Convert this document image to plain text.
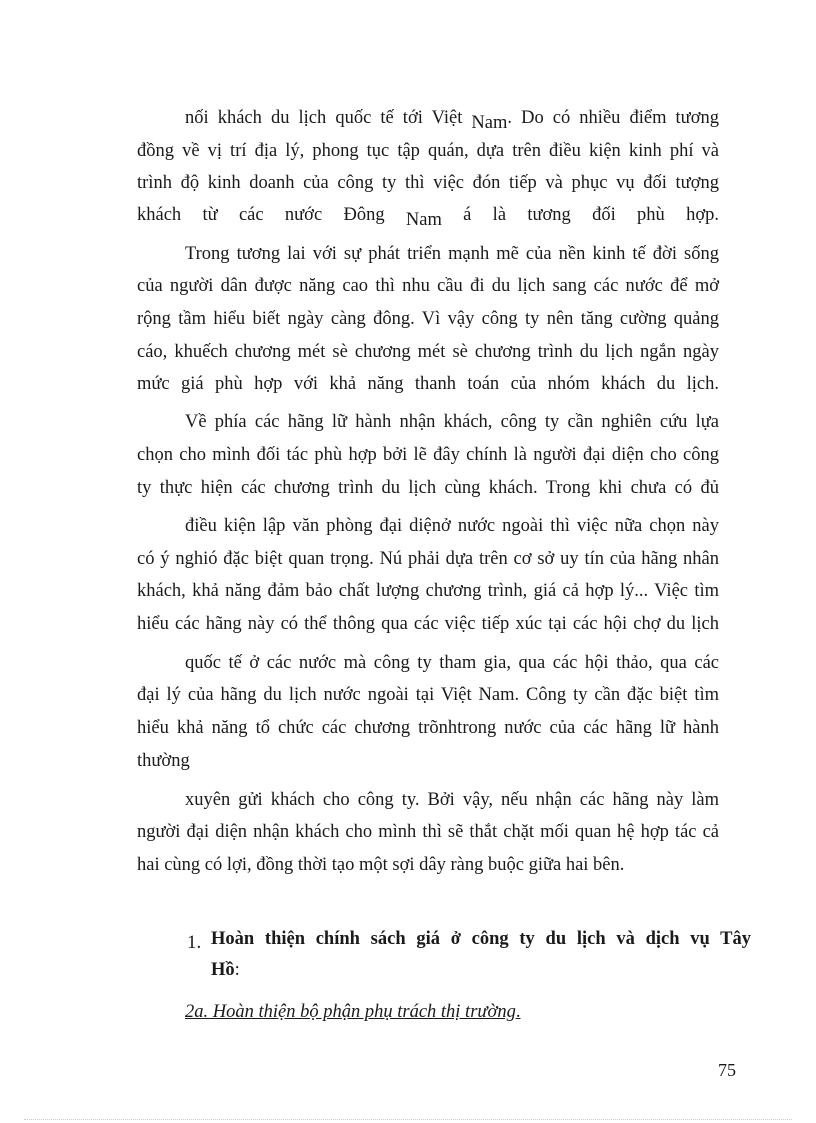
nối khách du lịch quốc tế tới Việt Nam. Do có nhiều điểm tương
đồng về vị trí địa lý, phong tục tập quán, dựa trên điều kiện kinh phí và
trình độ kinh doanh của công ty thì việc đón tiếp và phục vụ đối tượng
khách từ các nước Đông Nam á là tương đối phù hợp.
Trong tương lai với sự phát triển mạnh mẽ của nền kinh tế đời sống
của người dân được năng cao thì nhu cầu đi du lịch sang các nước để mở
rộng tầm hiểu biết ngày càng đông. Vì vậy công ty nên tăng cường quảng
cáo, khuếch chương mét sè chương mét sè chương trình du lịch ngắn ngày
mức giá phù hợp với khả năng thanh toán của nhóm khách du lịch.
Về phía các hãng lữ hành nhận khách, công ty cần nghiên cứu lựa
chọn cho mình đối tác phù hợp bởi lẽ đây chính là người đại diện cho công
ty thực hiện các chương trình du lịch cùng khách. Trong khi chưa có đủ
điều kiện lập văn phòng đại diệnở nước ngoài thì việc nữa chọn này
có ý nghió đặc biệt quan trọng. Nú phải dựa trên cơ sở uy tín của hãng nhân
khách, khả năng đảm bảo chất lượng chương trình, giá cả hợp lý... Việc tìm
hiểu các hãng này có thể thông qua các việc tiếp xúc tại các hội chợ du lịch
quốc tế ở các nước mà công ty tham gia, qua các hội thảo, qua các
đại lý của hãng du lịch nước ngoài tại Việt Nam. Công ty cần đặc biệt tìm
hiểu khả năng tổ chức các chương trõnhtrong nước của các hãng lữ hành
thường
xuyên gửi khách cho công ty. Bởi vậy, nếu nhận các hãng này làm
người đại diện nhận khách cho mình thì sẽ thắt chặt mối quan hệ hợp tác cả
hai cùng có lợi, đồng thời tạo một sợi dây ràng buộc giữa hai bên.
1. Hoàn thiện chính sách giá ở công ty du lịch và dịch vụ Tây
Hồ:
2a. Hoàn thiện bộ phận phụ trách thị trường.
75
